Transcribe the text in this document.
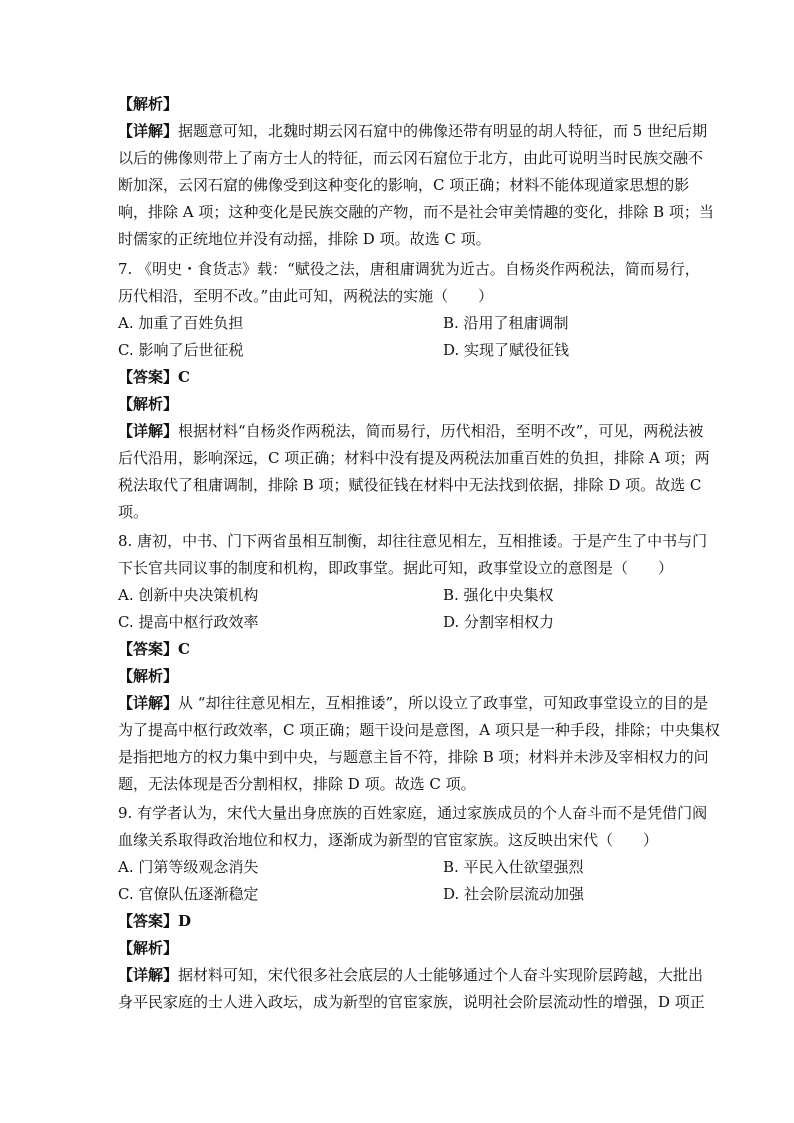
【解析】
【详解】据题意可知，北魏时期云冈石窟中的佛像还带有明显的胡人特征，而 5 世纪后期
以后的佛像则带上了南方士人的特征，而云冈石窟位于北方，由此可说明当时民族交融不
断加深，云冈石窟的佛像受到这种变化的影响，C 项正确；材料不能体现道家思想的影
响，排除 A 项；这种变化是民族交融的产物，而不是社会审美情趣的变化，排除 B 项；当
时儒家的正统地位并没有动摇，排除 D 项。故选 C 项。
7. 《明史・食货志》载：“赋役之法，唐租庸调犹为近古。自杨炎作两税法，简而易行，
历代相沿，至明不改。”由此可知，两税法的实施（　　）
A. 加重了百姓负担	B. 沿用了租庸调制
C. 影响了后世征税	D. 实现了赋役征钱
【答案】C
【解析】
【详解】根据材料“自杨炎作两税法，简而易行，历代相沿，至明不改”，可见，两税法被
后代沿用，影响深远，C 项正确；材料中没有提及两税法加重百姓的负担，排除 A 项；两
税法取代了租庸调制，排除 B 项；赋役征钱在材料中无法找到依据，排除 D 项。故选 C
项。
8. 唐初，中书、门下两省虽相互制衡，却往往意见相左，互相推诿。于是产生了中书与门
下长官共同议事的制度和机构，即政事堂。据此可知，政事堂设立的意图是（　　）
A. 创新中央决策机构	B. 强化中央集权
C. 提高中枢行政效率	D. 分割宰相权力
【答案】C
【解析】
【详解】从 “却往往意见相左，互相推诿”，所以设立了政事堂，可知政事堂设立的目的是
为了提高中枢行政效率，C 项正确；题干设问是意图，A 项只是一种手段，排除；中央集权
是指把地方的权力集中到中央，与题意主旨不符，排除 B 项；材料并未涉及宰相权力的问
题，无法体现是否分割相权，排除 D 项。故选 C 项。
9. 有学者认为，宋代大量出身庶族的百姓家庭，通过家族成员的个人奋斗而不是凭借门阀
血缘关系取得政治地位和权力，逐渐成为新型的官宦家族。这反映出宋代（　　）
A. 门第等级观念消失	B. 平民入仕欲望强烈
C. 官僚队伍逐渐稳定	D. 社会阶层流动加强
【答案】D
【解析】
【详解】据材料可知，宋代很多社会底层的人士能够通过个人奋斗实现阶层跨越，大批出
身平民家庭的士人进入政坛，成为新型的官宦家族，说明社会阶层流动性的增强，D 项正
